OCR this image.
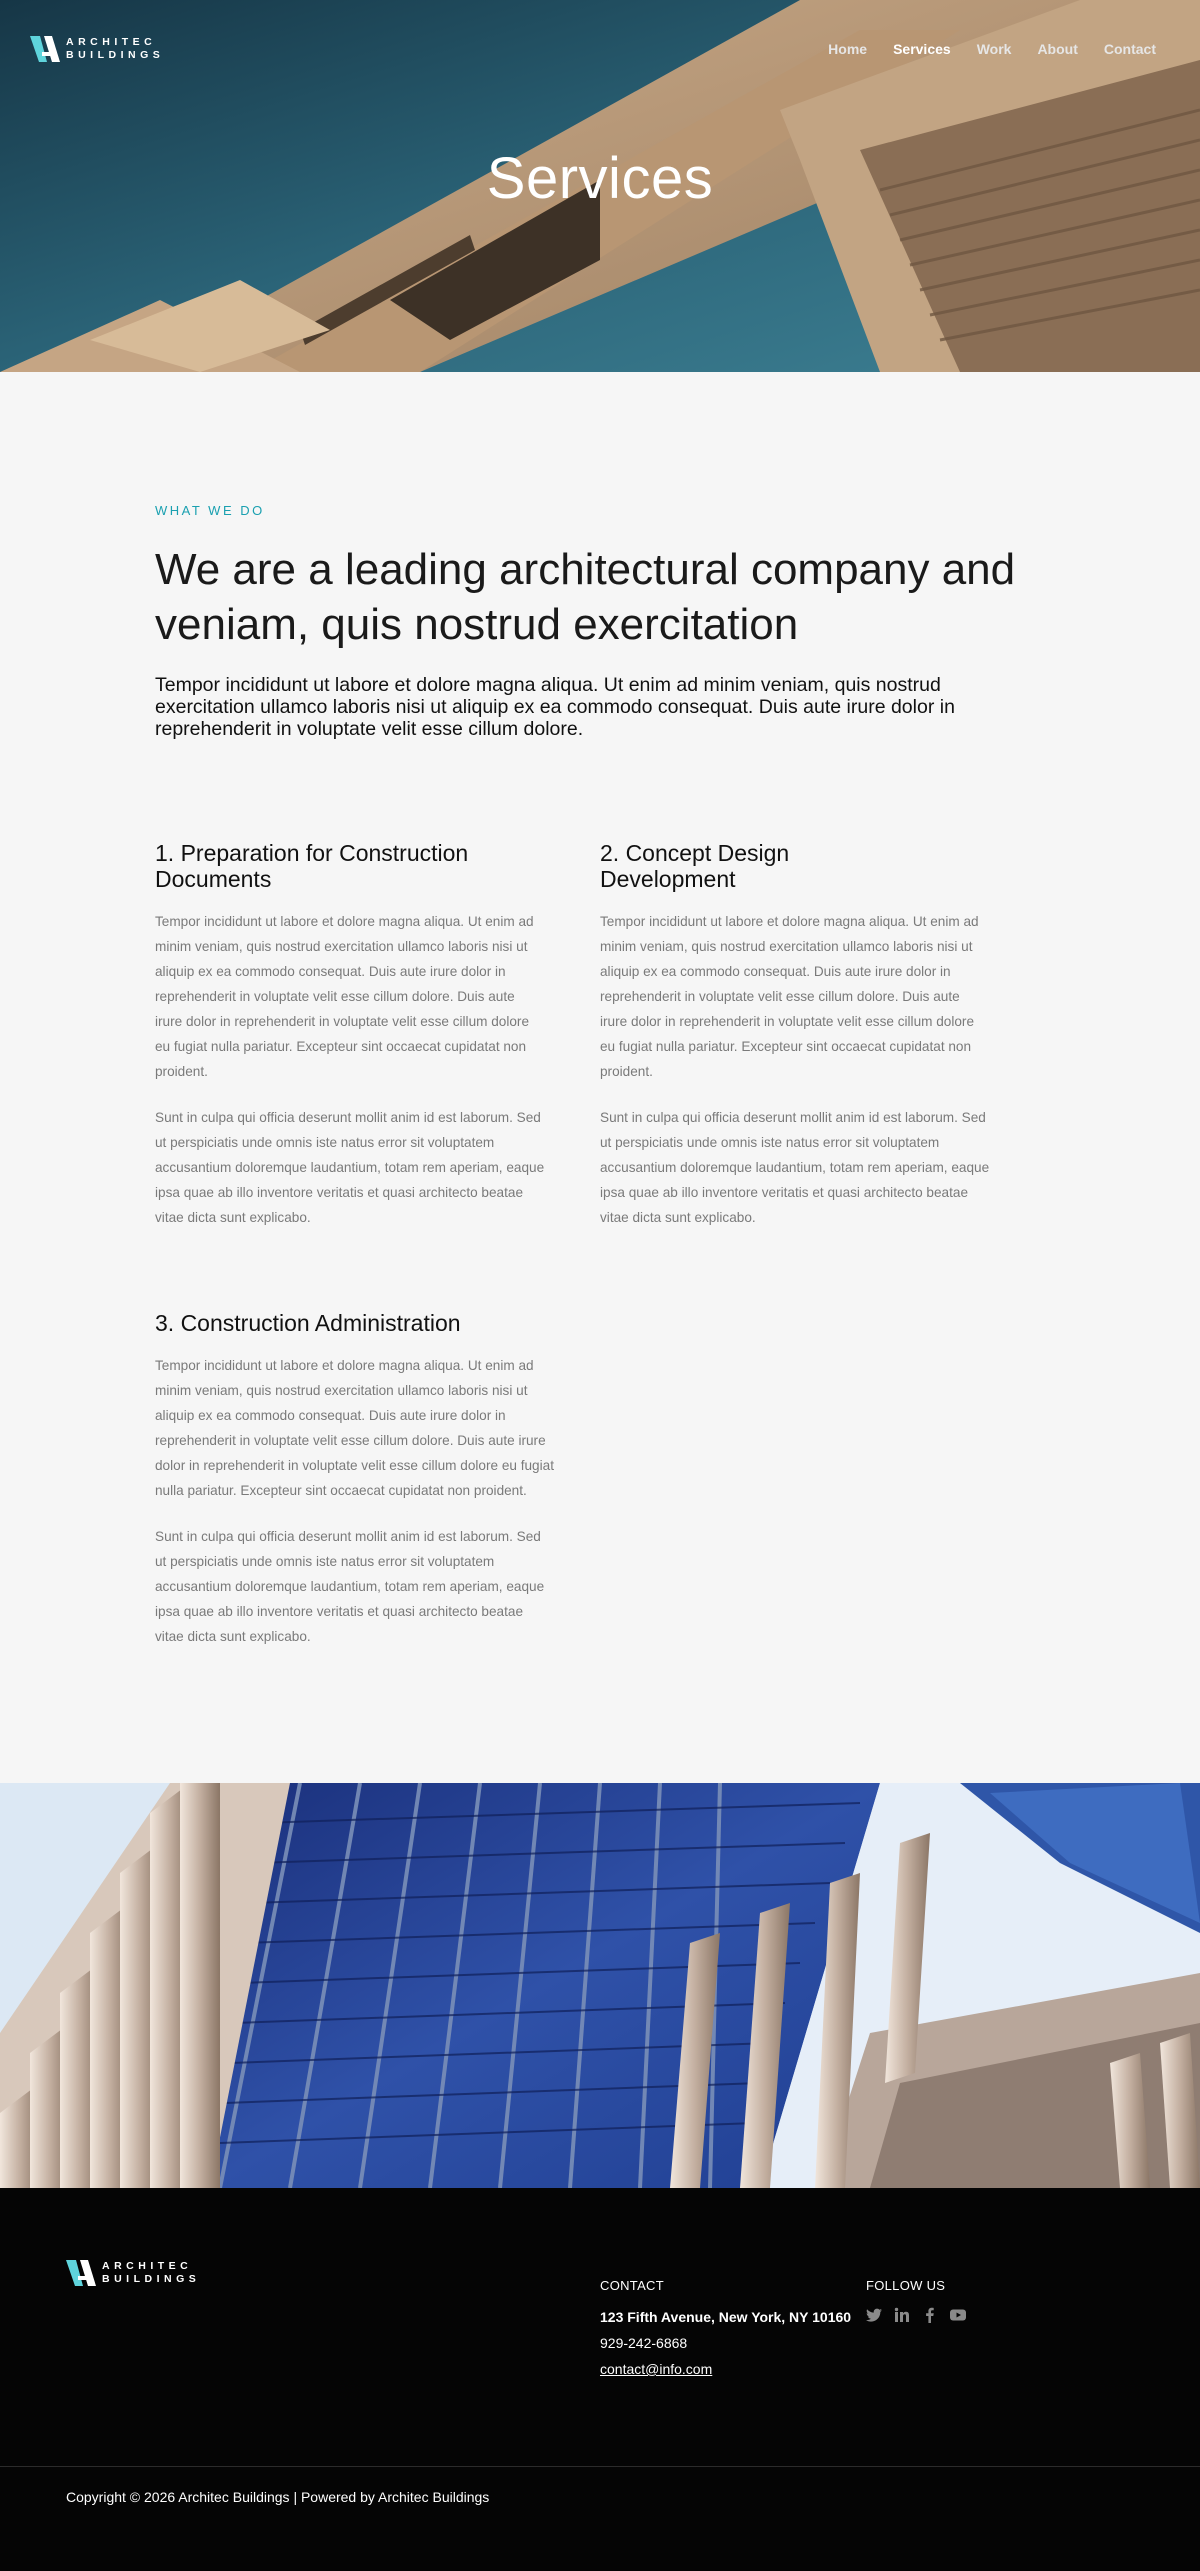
ARCHITEC
BUILDINGS	Home Services Work About Contact
Services
WHAT WE DO
We are a leading architectural company and veniam, quis nostrud exercitation

Tempor incididunt ut labore et dolore magna aliqua. Ut enim ad minim veniam, quis nostrud exercitation ullamco laboris nisi ut aliquip ex ea commodo consequat. Duis aute irure dolor in reprehenderit in voluptate velit esse cillum dolore.

1. Preparation for Construction
Documents

Tempor incididunt ut labore et dolore magna aliqua. Ut enim ad minim veniam, quis nostrud exercitation ullamco laboris nisi ut aliquip ex ea commodo consequat. Duis aute irure dolor in reprehenderit in voluptate velit esse cillum dolore. Duis aute irure dolor in reprehenderit in voluptate velit esse cillum dolore eu fugiat nulla pariatur. Excepteur sint occaecat cupidatat non proident.

Sunt in culpa qui officia deserunt mollit anim id est laborum. Sed ut perspiciatis unde omnis iste natus error sit voluptatem accusantium doloremque laudantium, totam rem aperiam, eaque ipsa quae ab illo inventore veritatis et quasi architecto beatae vitae dicta sunt explicabo.

2. Concept Design
Development

Tempor incididunt ut labore et dolore magna aliqua. Ut enim ad minim veniam, quis nostrud exercitation ullamco laboris nisi ut aliquip ex ea commodo consequat. Duis aute irure dolor in reprehenderit in voluptate velit esse cillum dolore. Duis aute irure dolor in reprehenderit in voluptate velit esse cillum dolore eu fugiat nulla pariatur. Excepteur sint occaecat cupidatat non proident.

Sunt in culpa qui officia deserunt mollit anim id est laborum. Sed ut perspiciatis unde omnis iste natus error sit voluptatem accusantium doloremque laudantium, totam rem aperiam, eaque ipsa quae ab illo inventore veritatis et quasi architecto beatae vitae dicta sunt explicabo.

3. Construction Administration

Tempor incididunt ut labore et dolore magna aliqua. Ut enim ad minim veniam, quis nostrud exercitation ullamco laboris nisi ut aliquip ex ea commodo consequat. Duis aute irure dolor in reprehenderit in voluptate velit esse cillum dolore. Duis aute irure dolor in reprehenderit in voluptate velit esse cillum dolore eu fugiat nulla pariatur. Excepteur sint occaecat cupidatat non proident.

Sunt in culpa qui officia deserunt mollit anim id est laborum. Sed ut perspiciatis unde omnis iste natus error sit voluptatem accusantium doloremque laudantium, totam rem aperiam, eaque ipsa quae ab illo inventore veritatis et quasi architecto beatae vitae dicta sunt explicabo.

ARCHITEC
BUILDINGS	CONTACT
123 Fifth Avenue, New York, NY 10160
929-242-6868
contact@info.com
FOLLOW US
Copyright © 2026 Architec Buildings | Powered by Architec Buildings
